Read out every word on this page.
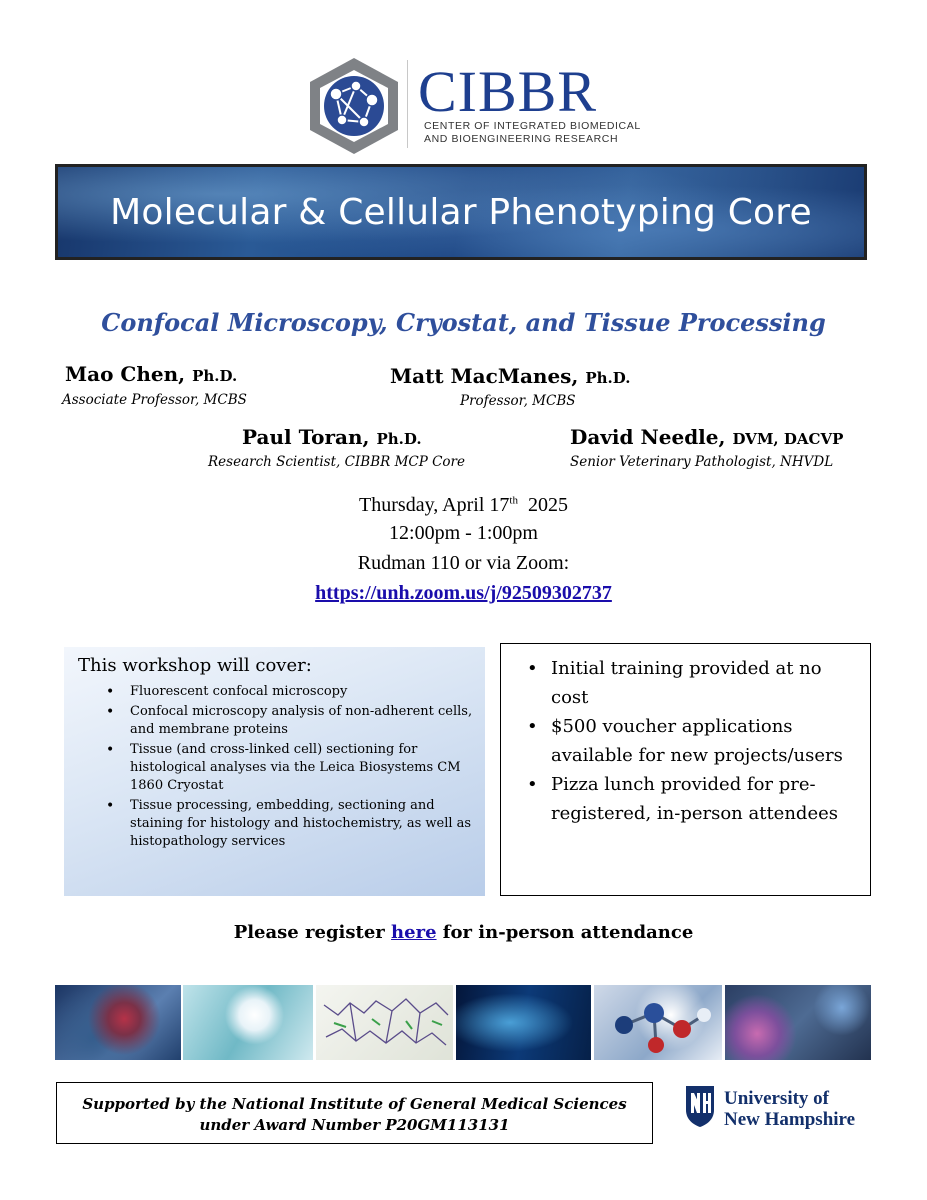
CIBBR
CENTER OF INTEGRATED BIOMEDICAL
AND BIOENGINEERING RESEARCH
Molecular & Cellular Phenotyping Core
Confocal Microscopy, Cryostat, and Tissue Processing
Mao Chen, Ph.D.
Associate Professor, MCBS
Matt MacManes, Ph.D.
Professor, MCBS
Paul Toran, Ph.D.
Research Scientist, CIBBR MCP Core
David Needle, DVM, DACVP
Senior Veterinary Pathologist, NHVDL
Thursday, April 17th 2025
12:00pm - 1:00pm
Rudman 110 or via Zoom:
https://unh.zoom.us/j/92509302737
This workshop will cover:
• Fluorescent confocal microscopy
• Confocal microscopy analysis of non-adherent cells, and membrane proteins
• Tissue (and cross-linked cell) sectioning for histological analyses via the Leica Biosystems CM 1860 Cryostat
• Tissue processing, embedding, sectioning and staining for histology and histochemistry, as well as histopathology services
• Initial training provided at no cost
• $500 voucher applications available for new projects/users
• Pizza lunch provided for pre-registered, in-person attendees
Please register here for in-person attendance
Supported by the National Institute of General Medical Sciences
under Award Number P20GM113131
University of
New Hampshire
